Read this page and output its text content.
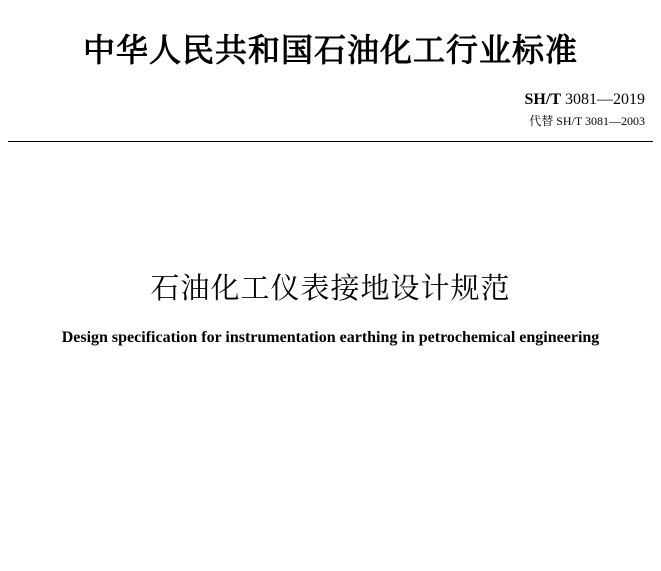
中华人民共和国石油化工行业标准
SH/T 3081—2019
代替 SH/T 3081—2003
石油化工仪表接地设计规范
Design specification for instrumentation earthing in petrochemical engineering
